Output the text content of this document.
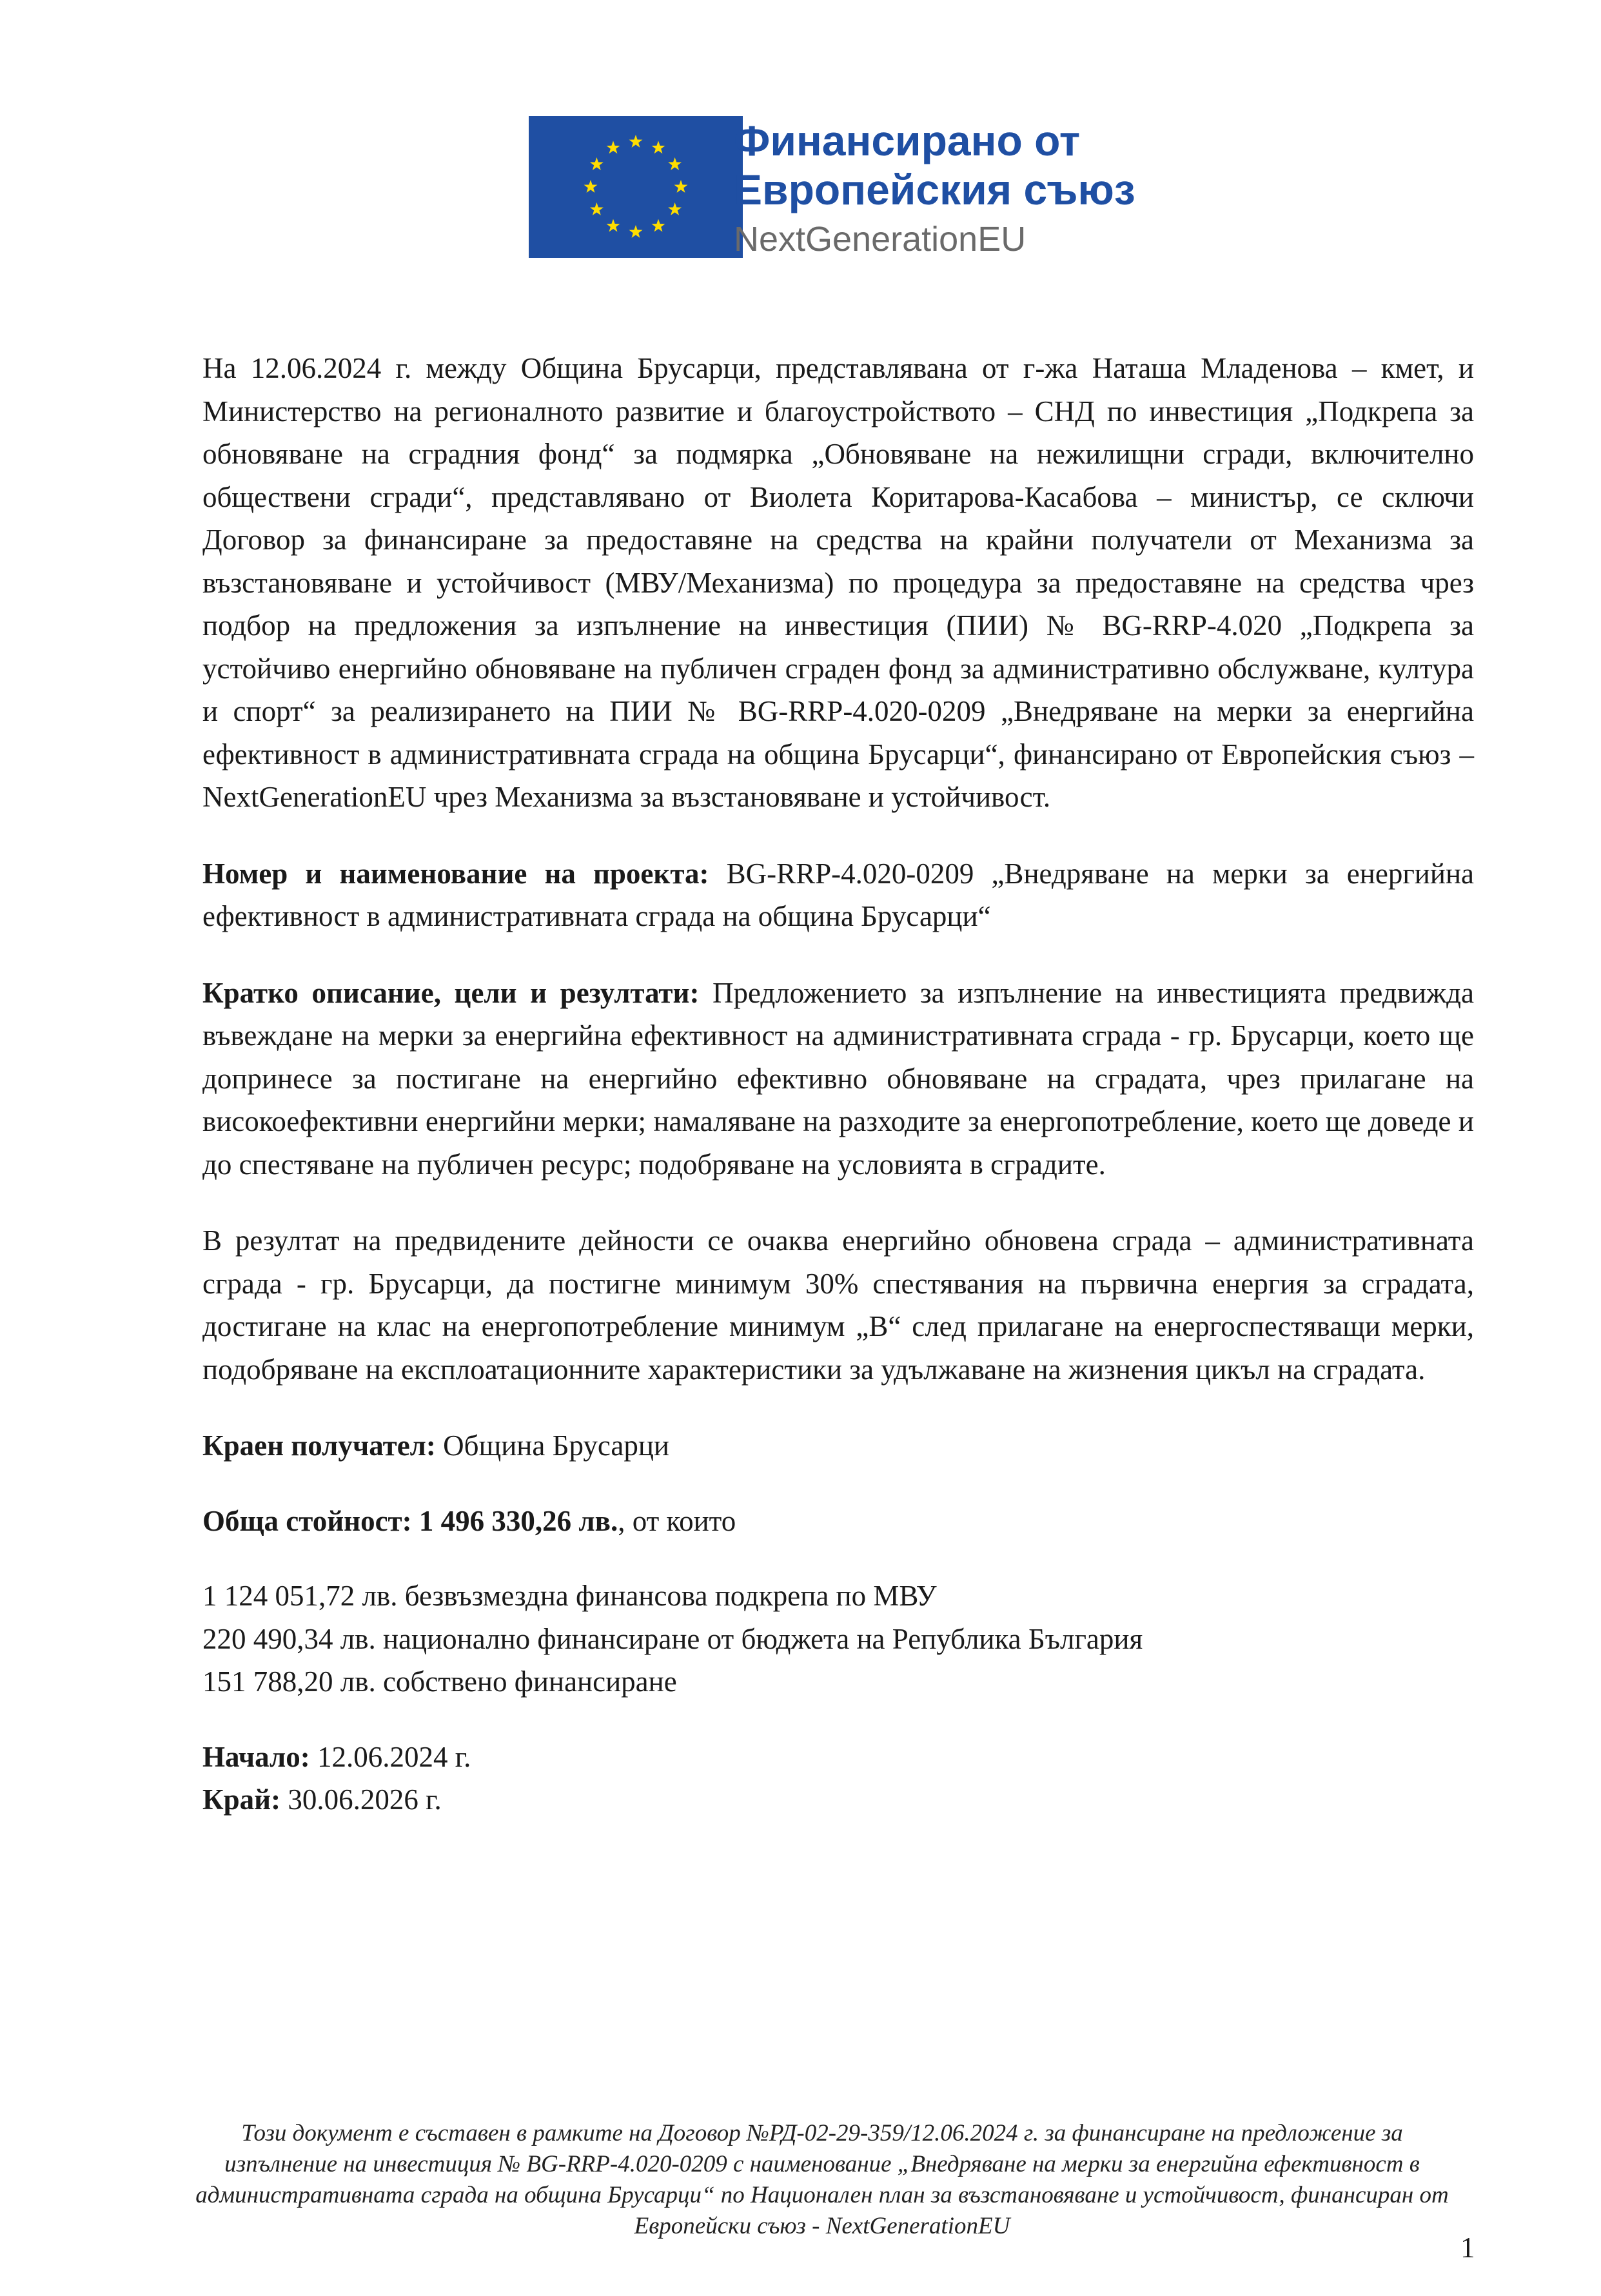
Финансирано от
Европейския съюз
NextGenerationEU

На 12.06.2024 г. между Община Брусарци, представлявана от г-жа Наташа Младенова – кмет, и Министерство на регионалното развитие и благоустройството – СНД по инвестиция „Подкрепа за обновяване на сградния фонд“ за подмярка „Обновяване на нежилищни сгради, включително обществени сгради“, представлявано от Виолета Коритарова-Касабова – министър, се сключи Договор за финансиране за предоставяне на средства на крайни получатели от Механизма за възстановяване и устойчивост (МВУ/Механизма) по процедура за предоставяне на средства чрез подбор на предложения за изпълнение на инвестиция (ПИИ) № BG-RRP-4.020 „Подкрепа за устойчиво енергийно обновяване на публичен сграден фонд за административно обслужване, култура и спорт“ за реализирането на ПИИ № BG-RRP-4.020-0209 „Внедряване на мерки за енергийна ефективност в административната сграда на община Брусарци“, финансирано от Европейския съюз – NextGenerationEU чрез Механизма за възстановяване и устойчивост.

Номер и наименование на проекта: BG-RRP-4.020-0209 „Внедряване на мерки за енергийна ефективност в административната сграда на община Брусарци“

Кратко описание, цели и резултати: Предложението за изпълнение на инвестицията предвижда въвеждане на мерки за енергийна ефективност на административната сграда - гр. Брусарци, което ще допринесе за постигане на енергийно ефективно обновяване на сградата, чрез прилагане на високоефективни енергийни мерки; намаляване на разходите за енергопотребление, което ще доведе и до спестяване на публичен ресурс; подобряване на условията в сградите.

В резултат на предвидените дейности се очаква енергийно обновена сграда – административната сграда - гр. Брусарци, да постигне минимум 30% спестявания на първична енергия за сградата, достигане на клас на енергопотребление минимум „В“ след прилагане на енергоспестяващи мерки, подобряване на експлоатационните характеристики за удължаване на жизнения цикъл на сградата.

Краен получател: Община Брусарци

Обща стойност: 1 496 330,26 лв., от които

1 124 051,72 лв. безвъзмездна финансова подкрепа по МВУ
220 490,34 лв. национално финансиране от бюджета на Република България
151 788,20 лв. собствено финансиране

Начало: 12.06.2024 г.
Край: 30.06.2026 г.

Този документ е съставен в рамките на Договор №РД-02-29-359/12.06.2024 г. за финансиране на предложение за изпълнение на инвестиция № BG-RRP-4.020-0209 с наименование „Внедряване на мерки за енергийна ефективност в административната сграда на община Брусарци“ по Национален план за възстановяване и устойчивост, финансиран от Европейски съюз - NextGenerationEU
1
